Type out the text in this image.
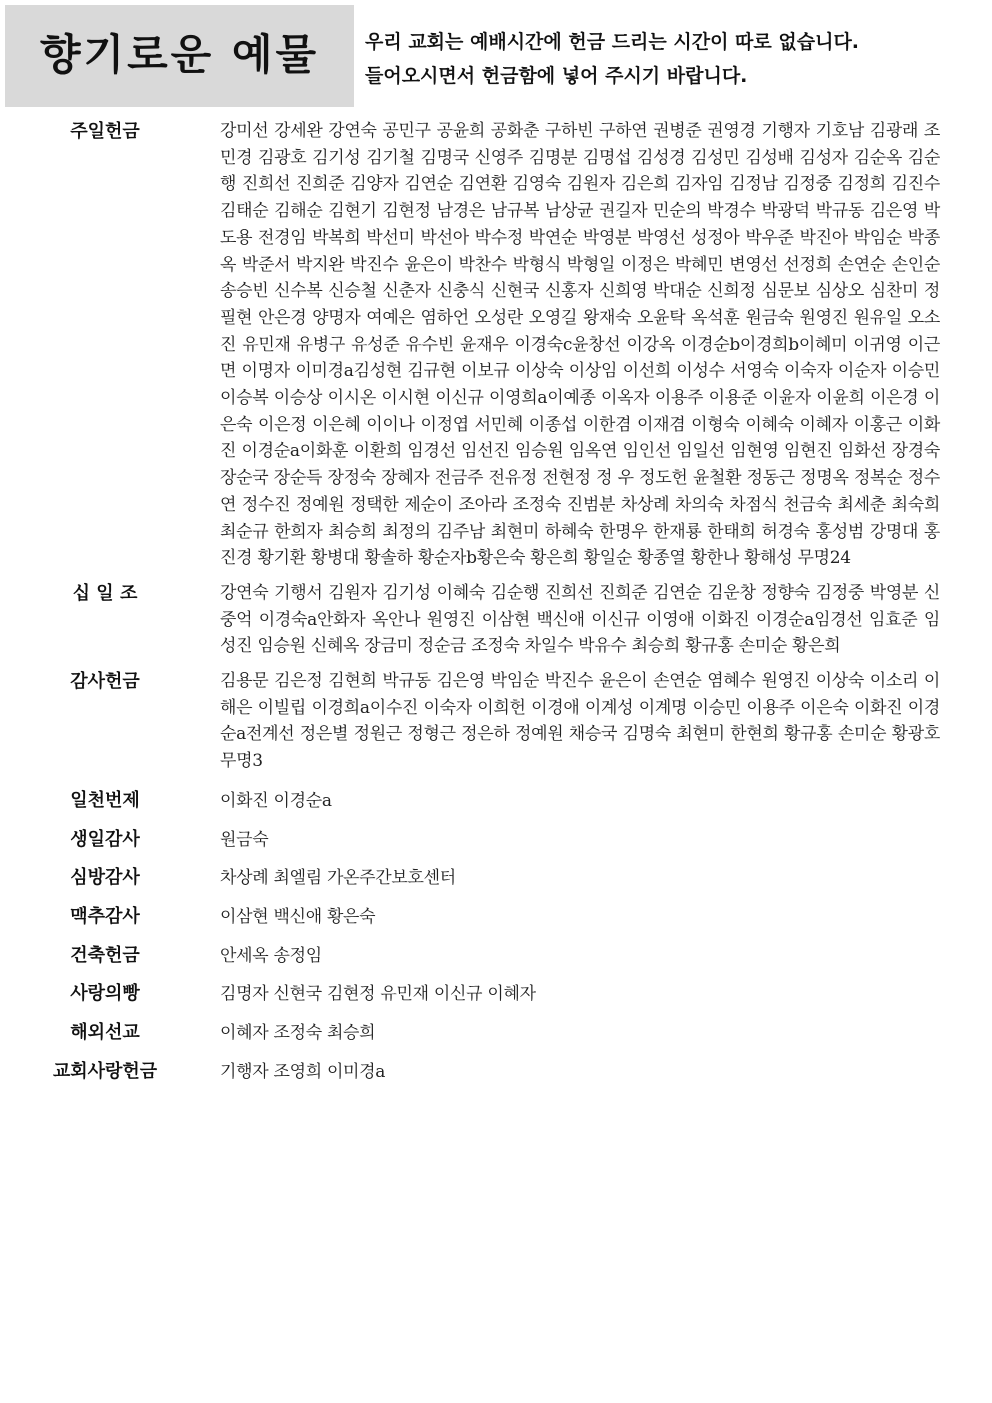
향기로운 예물	우리 교회는 예배시간에 헌금 드리는 시간이 따로 없습니다.
들어오시면서 헌금함에 넣어 주시기 바랍니다.
주일헌금	강미선 강세완 강연숙 공민구 공윤희 공화춘 구하빈 구하연 권병준 권영경 기행자 기호남 김광래 조민경 김광호 김기성 김기철 김명국 신영주 김명분 김명섭 김성경 김성민 김성배 김성자 김순옥 김순행 진희선 진희준 김양자 김연순 김연환 김영숙 김원자 김은희 김자임 김정남 김정중 김정희 김진수 김태순 김해순 김현기 김현정 남경은 남규복 남상균 권길자 민순의 박경수 박광덕 박규동 김은영 박도용 전경임 박복희 박선미 박선아 박수정 박연순 박영분 박영선 성정아 박우준 박진아 박임순 박종옥 박준서 박지완 박진수 윤은이 박찬수 박형식 박형일 이정은 박혜민 변영선 선정희 손연순 손인순 송승빈 신수복 신승철 신춘자 신충식 신현국 신홍자 신희영 박대순 신희정 심문보 심상오 심찬미 정필현 안은경 양명자 여예은 염하언 오성란 오영길 왕재숙 오윤탁 옥석훈 원금숙 원영진 원유일 오소진 유민재 유병구 유성준 유수빈 윤재우 이경숙c윤창선 이강옥 이경순b이경희b이혜미 이귀영 이근면 이명자 이미경a김성현 김규현 이보규 이상숙 이상임 이선희 이성수 서영숙 이숙자 이순자 이승민 이승복 이승상 이시온 이시현 이신규 이영희a이예종 이옥자 이용주 이용준 이윤자 이윤희 이은경 이은숙 이은정 이은혜 이이나 이정엽 서민혜 이종섭 이한겸 이재겸 이형숙 이혜숙 이혜자 이홍근 이화진 이경순a이화훈 이환희 임경선 임선진 임승원 임옥연 임인선 임일선 임현영 임현진 임화선 장경숙 장순국 장순득 장정숙 장혜자 전금주 전유정 전현정 정 우 정도헌 윤철환 정동근 정명옥 정복순 정수연 정수진 정예원 정택한 제순이 조아라 조정숙 진범분 차상례 차의숙 차점식 천금숙 최세춘 최숙희 최순규 한희자 최승희 최정의 김주남 최현미 하혜숙 한명우 한재룡 한태희 허경숙 홍성범 강명대 홍진경 황기환 황병대 황솔하 황순자b황은숙 황은희 황일순 황종열 황한나 황해성 무명24
십 일 조	강연숙 기행서 김원자 김기성 이혜숙 김순행 진희선 진희준 김연순 김운창 정향숙 김정중 박영분 신중억 이경숙a안화자 옥안나 원영진 이삼현 백신애 이신규 이영애 이화진 이경순a임경선 임효준 임성진 임승원 신혜옥 장금미 정순금 조정숙 차일수 박유수 최승희 황규홍 손미순 황은희
감사헌금	김용문 김은정 김현희 박규동 김은영 박임순 박진수 윤은이 손연순 염혜수 원영진 이상숙 이소리 이해은 이빌립 이경희a이수진 이숙자 이희헌 이경애 이계성 이계명 이승민 이용주 이은숙 이화진 이경순a전계선 정은별 정원근 정형근 정은하 정예원 채승국 김명숙 최현미 한현희 황규홍 손미순 황광호 무명3
일천번제	이화진 이경순a
생일감사	원금숙
심방감사	차상례 최엘림 가온주간보호센터
맥추감사	이삼현 백신애 황은숙
건축헌금	안세옥 송정임
사랑의빵	김명자 신현국 김현정 유민재 이신규 이혜자
해외선교	이혜자 조정숙 최승희
교회사랑헌금	기행자 조영희 이미경a
